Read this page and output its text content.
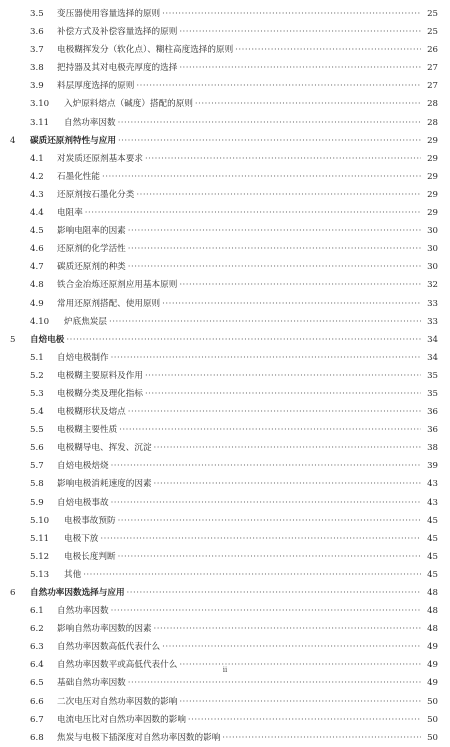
3.5 变压器使用容量选择的原则 ·····	25
3.6 补偿方式及补偿容量选择的原则 ·····	25
3.7 电极糊挥发分（软化点）、糊柱高度选择的原则 ·····	26
3.8 把持器及其对电极壳厚度的选择 ·····	27
3.9 料层厚度选择的原则 ·····	27
3.10 入炉原料熔点（碱度）搭配的原则 ·····	28
3.11 自然功率因数 ·····	28
4 碳质还原剂特性与应用 ·····	29
4.1 对炭质还原剂基本要求 ·····	29
4.2 石墨化性能 ·····	29
4.3 还原剂按石墨化分类 ·····	29
4.4 电阻率 ·····	29
4.5 影响电阻率的因素 ·····	30
4.6 还原剂的化学活性 ·····	30
4.7 碳质还原剂的种类 ·····	30
4.8 铁合金冶炼还原剂应用基本原则 ·····	32
4.9 常用还原剂搭配、使用原则 ·····	33
4.10 炉底焦炭层 ·····	33
5 自焙电极 ·····	34
5.1 自焙电极制作 ·····	34
5.2 电极糊主要原料及作用 ·····	35
5.3 电极糊分类及理化指标 ·····	35
5.4 电极糊形状及熔点 ·····	36
5.5 电极糊主要性质 ·····	36
5.6 电极糊导电、挥发、沉淀 ·····	38
5.7 自焙电极焙烧 ·····	39
5.8 影响电极消耗速度的因素 ·····	43
5.9 自焙电极事故 ·····	43
5.10 电极事故预防 ·····	45
5.11 电极下放 ·····	45
5.12 电极长度判断 ·····	45
5.13 其他 ·····	45
6 自然功率因数选择与应用 ·····	48
6.1 自然功率因数 ·····	48
6.2 影响自然功率因数的因素 ·····	48
6.3 自然功率因数高低代表什么 ·····	49
6.4 自然功率因数平或高低代表什么 ·····	49
6.5 基础自然功率因数 ·····	49
6.6 二次电压对自然功率因数的影响 ·····	50
6.7 电流电压比对自然功率因数的影响 ·····	50
6.8 焦炭与电极下插深度对自然功率因数的影响 ·····	50
ii
